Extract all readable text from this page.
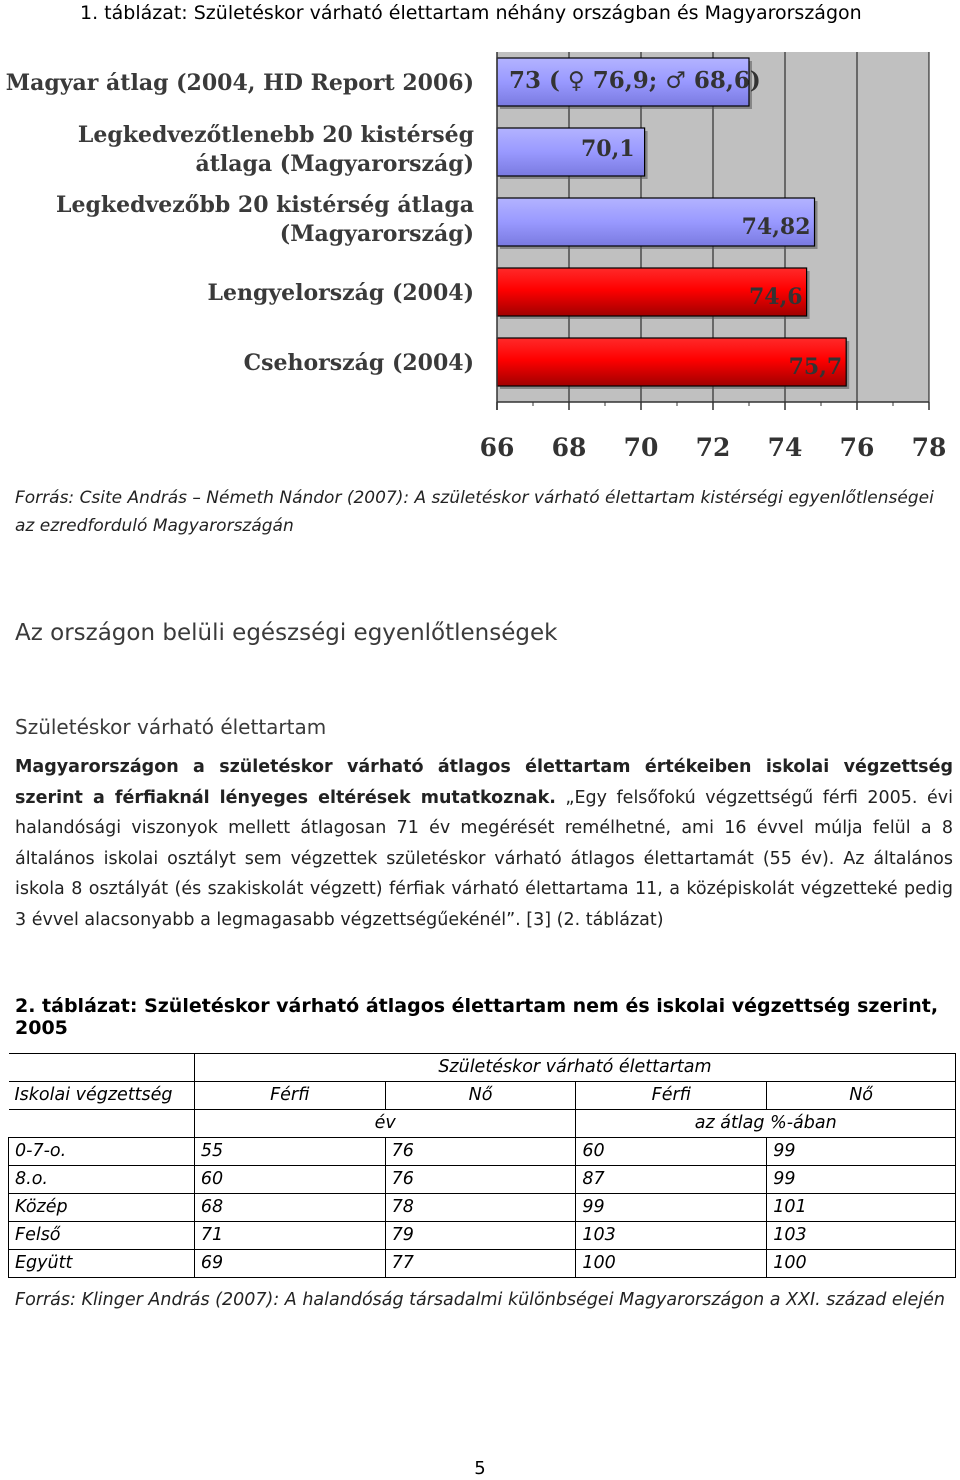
1. táblázat: Születéskor várható élettartam néhány országban és Magyarországon
73 ( ♀ 76,9; ♂ 68,6)
70,1
74,82
74,6
75,7
Magyar átlag (2004, HD Report 2006)
Legkedvezőtlenebb 20 kistérség
átlaga (Magyarország)
Legkedvezőbb 20 kistérség átlaga
(Magyarország)
Lengyelország (2004)
Csehország (2004)
66 68 70 72 74 76 78
Forrás: Csite András – Németh Nándor (2007): A születéskor várható élettartam kistérségi egyenlőtlenségei az ezredforduló Magyarországán
Az országon belüli egészségi egyenlőtlenségek
Születéskor várható élettartam
Magyarországon a születéskor várható átlagos élettartam értékeiben iskolai végzettség szerint a férfiaknál lényeges eltérések mutatkoznak. „Egy felsőfokú végzettségű férfi 2005. évi halandósági viszonyok mellett átlagosan 71 év megérését remélhetné, ami 16 évvel múlja felül a 8 általános iskolai osztályt sem végzettek születéskor várható átlagos élettartamát (55 év). Az általános iskola 8 osztályát (és szakiskolát végzett) férfiak várható élettartama 11, a középiskolát végzetteké pedig 3 évvel alacsonyabb a legmagasabb végzettségűekénél”. [3] (2. táblázat)
2. táblázat: Születéskor várható átlagos élettartam nem és iskolai végzettség szerint, 2005
	Születéskor várható élettartam			
Iskolai végzettség	Férfi	Nő	Férfi	Nő
	év		az átlag %-ában	
0-7-o.	55	76	60	99
8.o.	60	76	87	99
Közép	68	78	99	101
Felső	71	79	103	103
Együtt	69	77	100	100
Forrás: Klinger András (2007): A halandóság társadalmi különbségei Magyarországon a XXI. század elején
5
